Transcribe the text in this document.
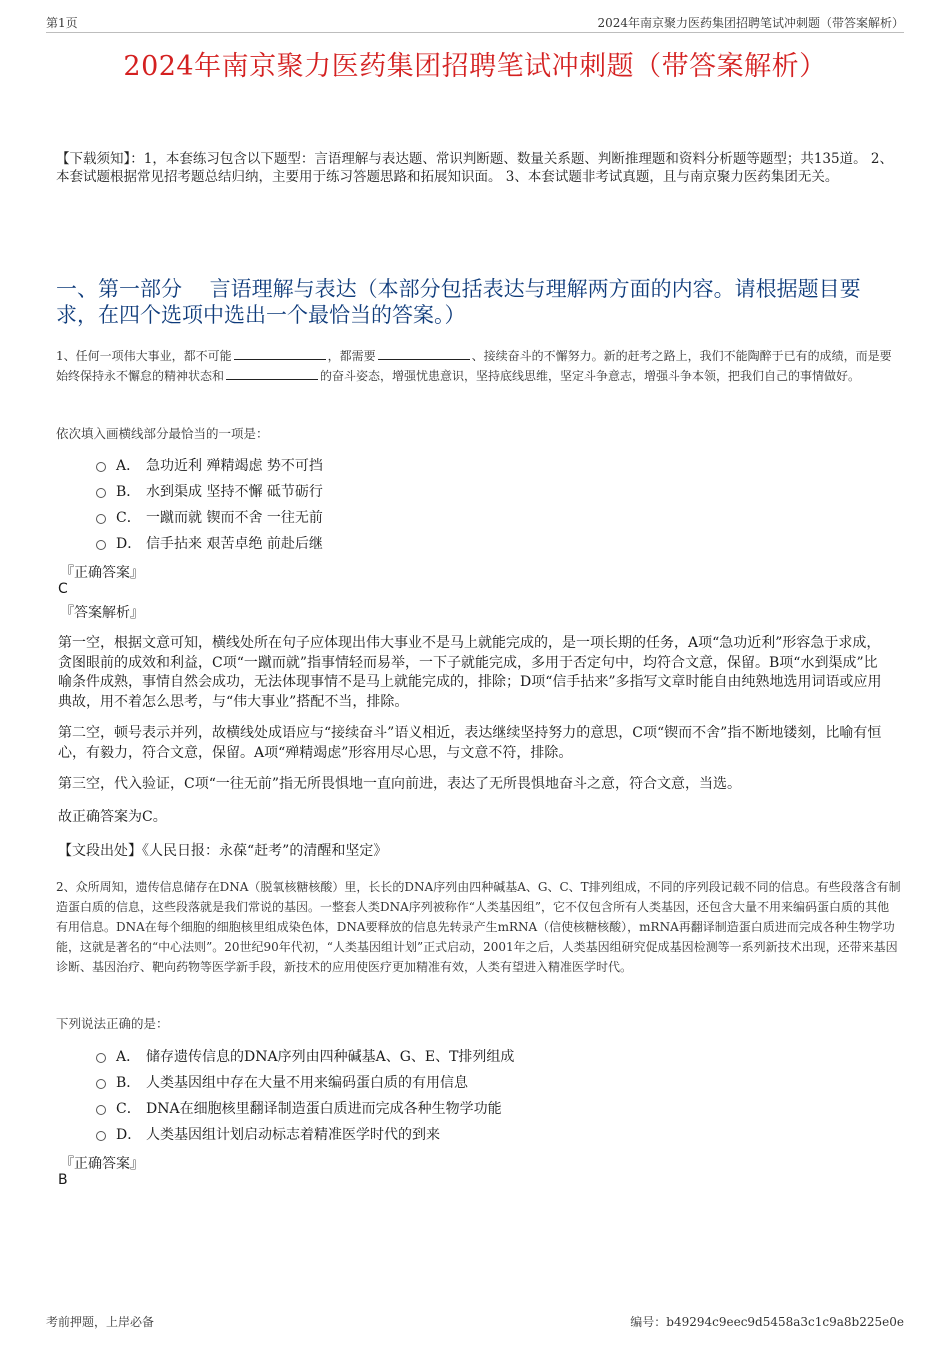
第1页	2024年南京聚力医药集团招聘笔试冲刺题（带答案解析）
2024年南京聚力医药集团招聘笔试冲刺题（带答案解析）
【下载须知】：1，本套练习包含以下题型：言语理解与表达题、常识判断题、数量关系题、判断推理题和资料分析题等题型；共135道。 2、本套试题根据常见招考题总结归纳，主要用于练习答题思路和拓展知识面。 3、本套试题非考试真题，且与南京聚力医药集团无关。
一、第一部分　 言语理解与表达（本部分包括表达与理解两方面的内容。请根据题目要求，在四个选项中选出一个最恰当的答案。）
1、任何一项伟大事业，都不可能	，都需要	、接续奋斗的不懈努力。新的赶考之路上，我们不能陶醉于已有的成绩，而是要始终保持永不懈怠的精神状态和	的奋斗姿态，增强忧患意识，坚持底线思维，坚定斗争意志，增强斗争本领，把我们自己的事情做好。
依次填入画横线部分最恰当的一项是：
A． 急功近利 殚精竭虑 势不可挡
B． 水到渠成 坚持不懈 砥节砺行
C． 一蹴而就 锲而不舍 一往无前
D． 信手拈来 艰苦卓绝 前赴后继
『正确答案』
C
『答案解析』
第一空，根据文意可知，横线处所在句子应体现出伟大事业不是马上就能完成的，是一项长期的任务，A项“急功近利”形容急于求成，贪图眼前的成效和利益，C项“一蹴而就”指事情轻而易举，一下子就能完成，多用于否定句中，均符合文意，保留。B项“水到渠成”比喻条件成熟，事情自然会成功，无法体现事情不是马上就能完成的，排除；D项“信手拈来”多指写文章时能自由纯熟地选用词语或应用典故，用不着怎么思考，与“伟大事业”搭配不当，排除。
第二空，顿号表示并列，故横线处成语应与“接续奋斗”语义相近，表达继续坚持努力的意思，C项“锲而不舍”指不断地镂刻，比喻有恒心，有毅力，符合文意，保留。A项“殚精竭虑”形容用尽心思，与文意不符，排除。
第三空，代入验证，C项“一往无前”指无所畏惧地一直向前进，表达了无所畏惧地奋斗之意，符合文意，当选。
故正确答案为C。
【文段出处】《人民日报：永葆“赶考”的清醒和坚定》
2、众所周知，遗传信息储存在DNA（脱氧核糖核酸）里，长长的DNA序列由四种碱基A、G、C、T排列组成，不同的序列段记载不同的信息。有些段落含有制造蛋白质的信息，这些段落就是我们常说的基因。一整套人类DNA序列被称作“人类基因组”，它不仅包含所有人类基因，还包含大量不用来编码蛋白质的其他有用信息。DNA在每个细胞的细胞核里组成染色体，DNA要释放的信息先转录产生mRNA（信使核糖核酸），mRNA再翻译制造蛋白质进而完成各种生物学功能，这就是著名的“中心法则”。20世纪90年代初，“人类基因组计划”正式启动，2001年之后，人类基因组研究促成基因检测等一系列新技术出现，还带来基因诊断、基因治疗、靶向药物等医学新手段，新技术的应用使医疗更加精准有效，人类有望进入精准医学时代。
下列说法正确的是：
A． 储存遗传信息的DNA序列由四种碱基A、G、E、T排列组成
B． 人类基因组中存在大量不用来编码蛋白质的有用信息
C． DNA在细胞核里翻译制造蛋白质进而完成各种生物学功能
D． 人类基因组计划启动标志着精准医学时代的到来
『正确答案』
B
考前押题，上岸必备	编号：b49294c9eec9d5458a3c1c9a8b225e0e
